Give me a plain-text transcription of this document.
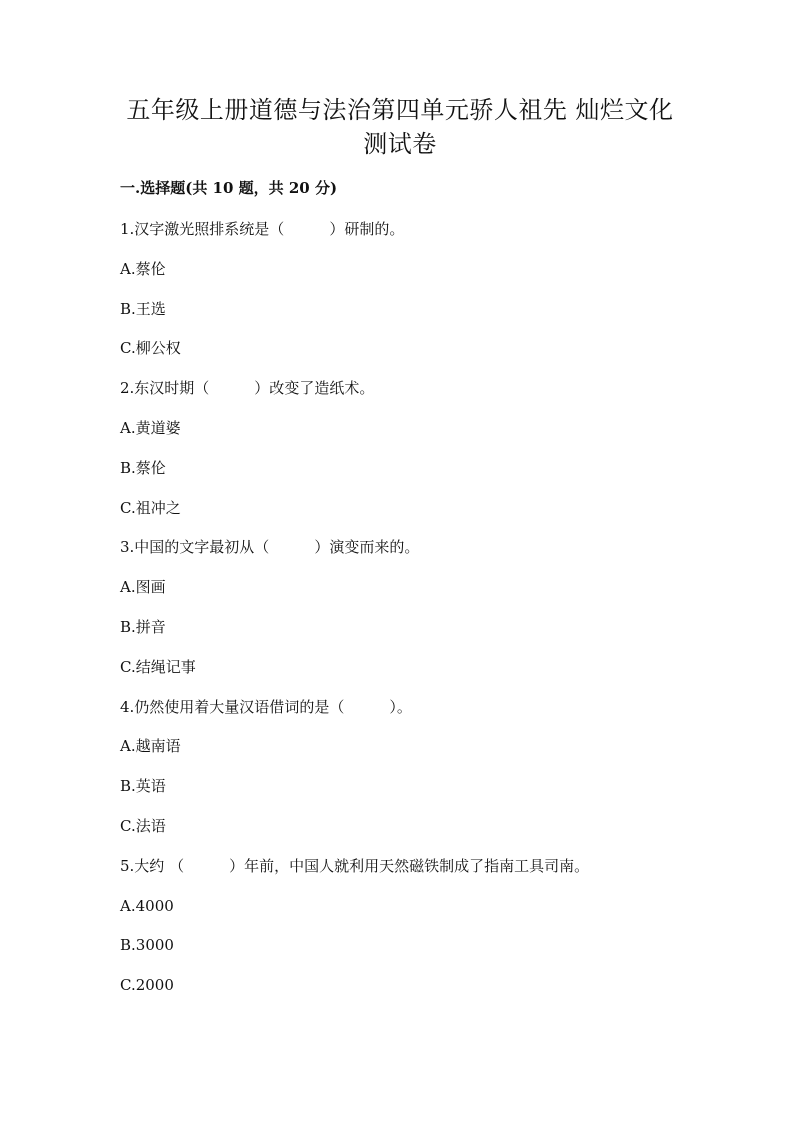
五年级上册道德与法治第四单元骄人祖先 灿烂文化
测试卷
一.选择题(共 10 题，共 20 分)
1.汉字激光照排系统是（　　　）研制的。
A.蔡伦
B.王选
C.柳公权
2.东汉时期（　　　）改变了造纸术。
A.黄道婆
B.蔡伦
C.祖冲之
3.中国的文字最初从（　　　）演变而来的。
A.图画
B.拼音
C.结绳记事
4.仍然使用着大量汉语借词的是（　　　）。
A.越南语
B.英语
C.法语
5.大约 （　　　）年前，中国人就利用天然磁铁制成了指南工具司南。
A.4000
B.3000
C.2000
